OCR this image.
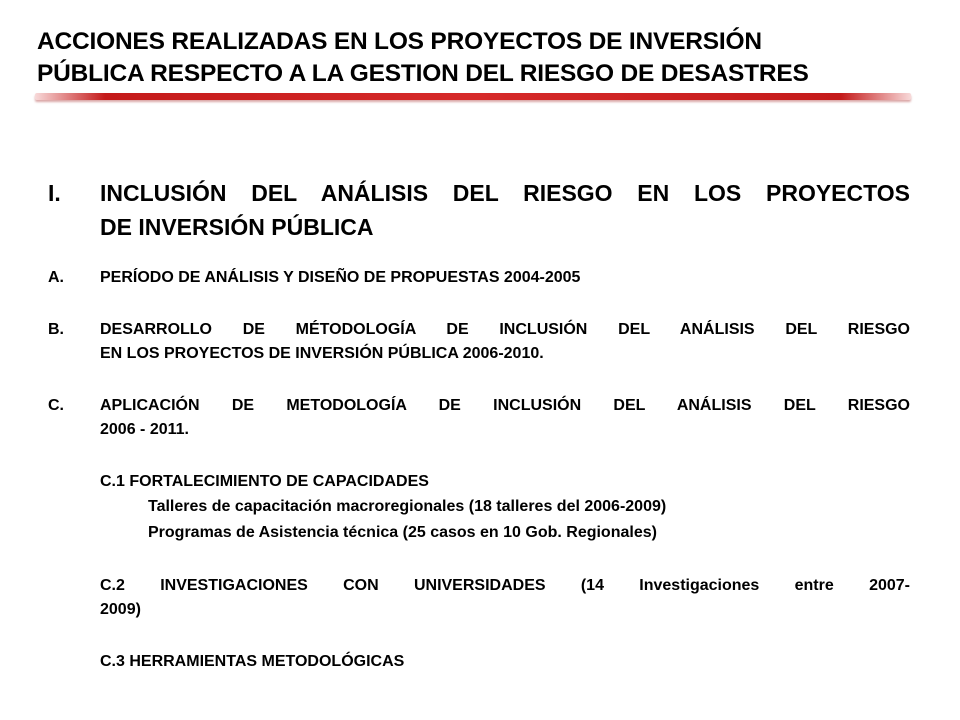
ACCIONES REALIZADAS EN LOS PROYECTOS DE INVERSIÓN
PÚBLICA RESPECTO A LA GESTION DEL RIESGO DE DESASTRES
I. INCLUSIÓN DEL ANÁLISIS DEL RIESGO EN LOS PROYECTOS
DE INVERSIÓN PÚBLICA
A. PERÍODO DE ANÁLISIS Y DISEÑO DE PROPUESTAS 2004-2005
B. DESARROLLO DE MÉTODOLOGÍA DE INCLUSIÓN DEL ANÁLISIS DEL RIESGO
EN LOS PROYECTOS DE INVERSIÓN PÚBLICA 2006-2010.
C. APLICACIÓN DE METODOLOGÍA DE INCLUSIÓN DEL ANÁLISIS DEL RIESGO
2006 - 2011.
C.1 FORTALECIMIENTO DE CAPACIDADES
Talleres de capacitación macroregionales (18 talleres del 2006-2009)
Programas de Asistencia técnica (25 casos en 10 Gob. Regionales)
C.2 INVESTIGACIONES CON UNIVERSIDADES (14 Investigaciones entre 2007-
2009)
C.3 HERRAMIENTAS METODOLÓGICAS
